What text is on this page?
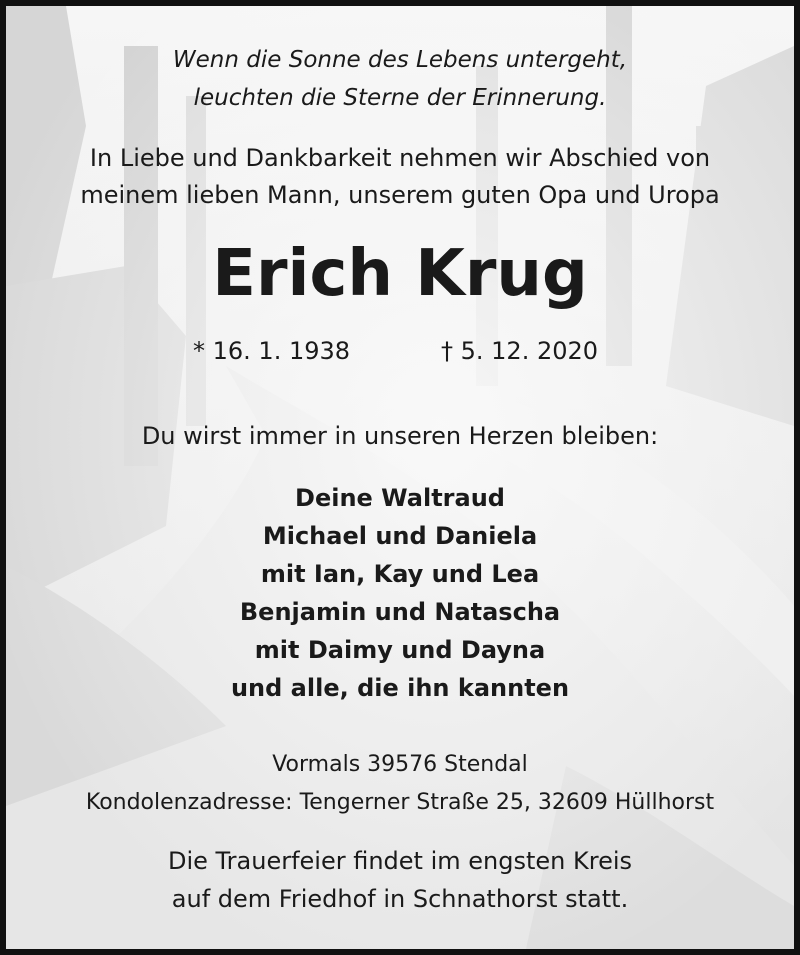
Wenn die Sonne des Lebens untergeht,
leuchten die Sterne der Erinnerung.
In Liebe und Dankbarkeit nehmen wir Abschied von
meinem lieben Mann, unserem guten Opa und Uropa
Erich Krug
* 16. 1. 1938	† 5. 12. 2020
Du wirst immer in unseren Herzen bleiben:
Deine Waltraud
Michael und Daniela
mit Ian, Kay und Lea
Benjamin und Natascha
mit Daimy und Dayna
und alle, die ihn kannten
Vormals 39576 Stendal
Kondolenzadresse: Tengerner Straße 25, 32609 Hüllhorst
Die Trauerfeier findet im engsten Kreis
auf dem Friedhof in Schnathorst statt.
